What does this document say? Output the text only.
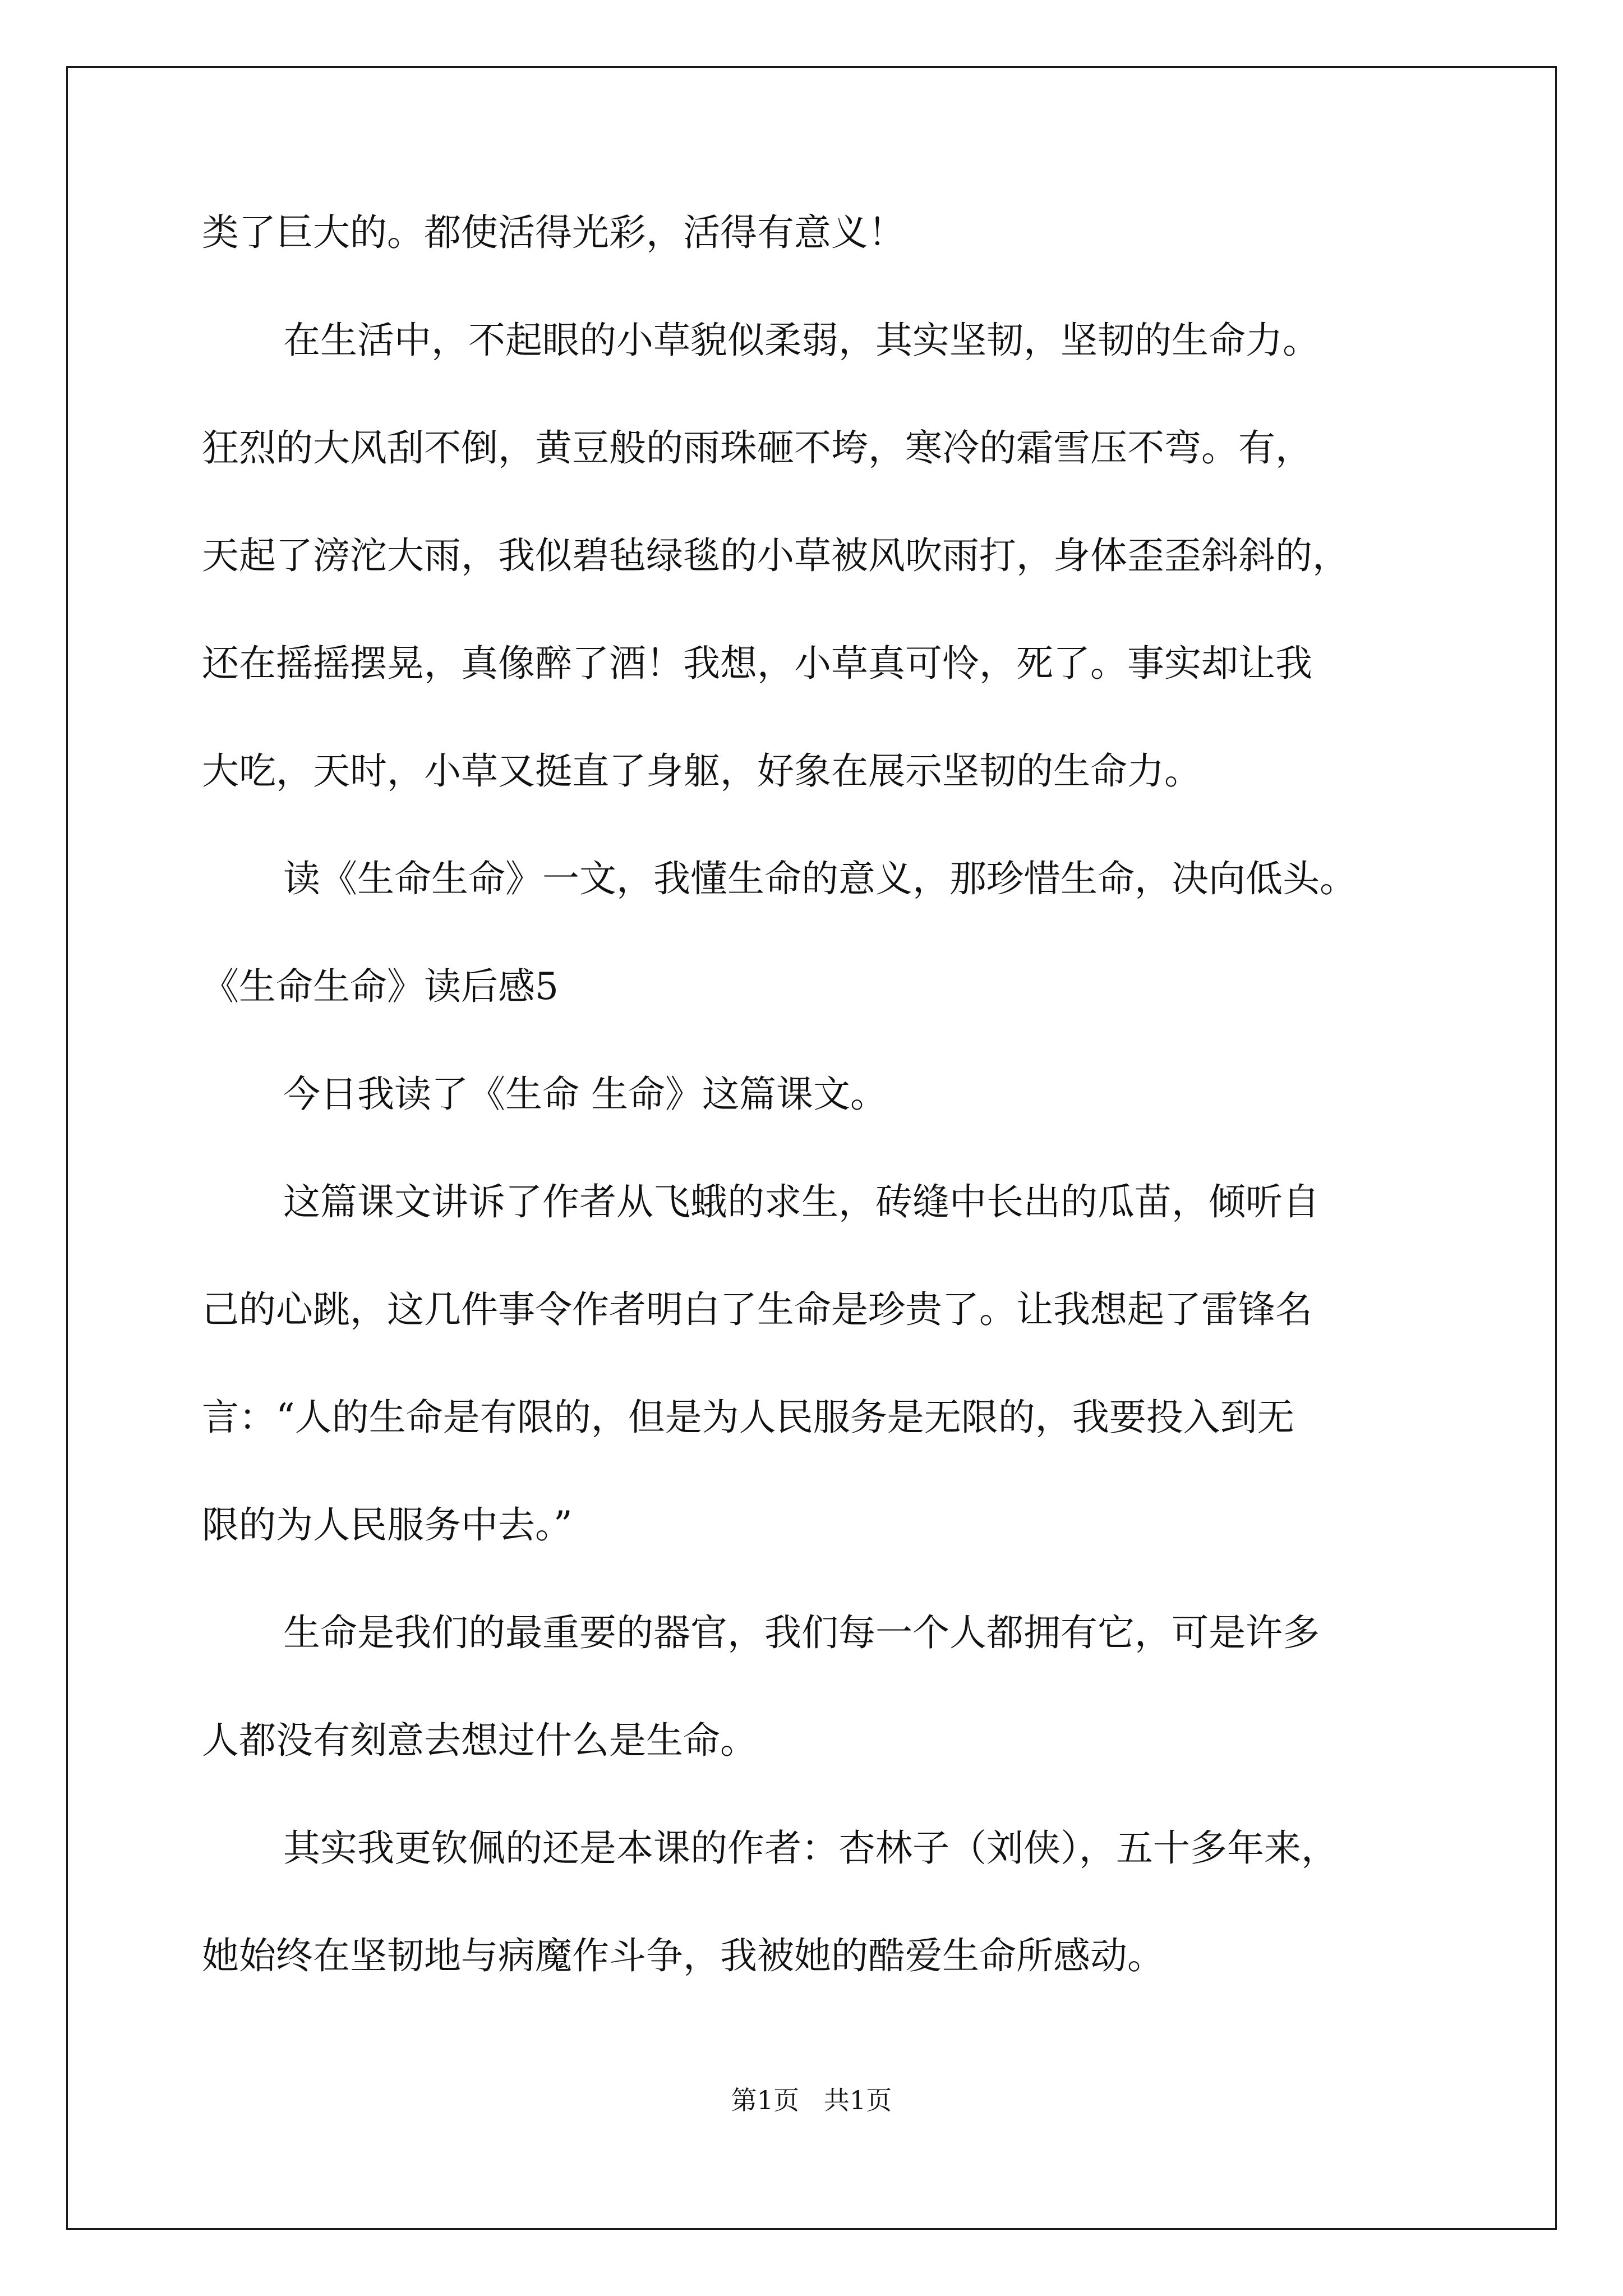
类了巨大的。都使活得光彩，活得有意义！
在生活中，不起眼的小草貌似柔弱，其实坚韧，坚韧的生命力。
狂烈的大风刮不倒，黄豆般的雨珠砸不垮，寒冷的霜雪压不弯。有，
天起了滂沱大雨，我似碧毡绿毯的小草被风吹雨打，身体歪歪斜斜的，
还在摇摇摆晃，真像醉了酒！我想，小草真可怜，死了。事实却让我
大吃，天时，小草又挺直了身躯，好象在展示坚韧的生命力。
读《生命生命》一文，我懂生命的意义，那珍惜生命，决向低头。
《生命生命》读后感5
今日我读了《生命 生命》这篇课文。
这篇课文讲诉了作者从飞蛾的求生，砖缝中长出的瓜苗，倾听自
己的心跳，这几件事令作者明白了生命是珍贵了。让我想起了雷锋名
言：“人的生命是有限的，但是为人民服务是无限的，我要投入到无
限的为人民服务中去。”
生命是我们的最重要的器官，我们每一个人都拥有它，可是许多
人都没有刻意去想过什么是生命。
其实我更钦佩的还是本课的作者：杏林子（刘侠），五十多年来，
她始终在坚韧地与病魔作斗争，我被她的酷爱生命所感动。
第1页   共1页
